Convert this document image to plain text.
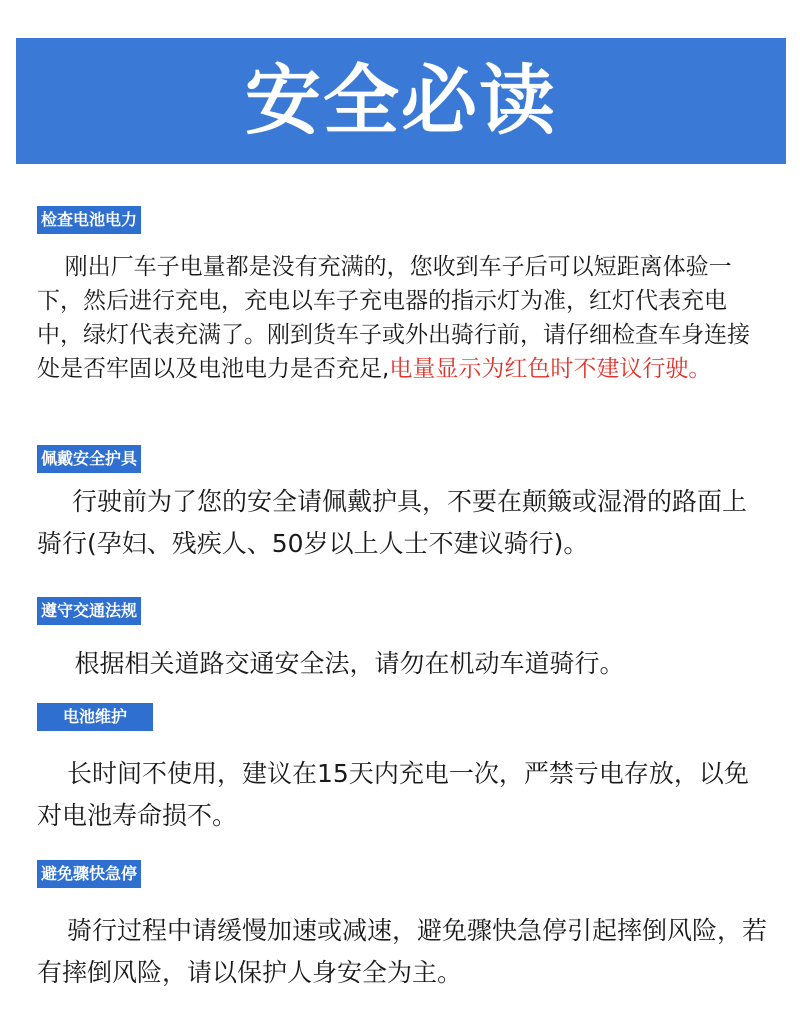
安全必读
检查电池电力

刚出厂车子电量都是没有充满的，您收到车子后可以短距离体验一下，然后进行充电，充电以车子充电器的指示灯为准，红灯代表充电中，绿灯代表充满了。刚到货车子或外出骑行前，请仔细检查车身连接处是否牢固以及电池电力是否充足,电量显示为红色时不建议行驶。

佩戴安全护具

行驶前为了您的安全请佩戴护具，不要在颠簸或湿滑的路面上骑行(孕妇、残疾人、50岁以上人士不建议骑行)。

遵守交通法规

根据相关道路交通安全法，请勿在机动车道骑行。

电池维护

长时间不使用，建议在15天内充电一次，严禁亏电存放，以免对电池寿命损不。

避免骤快急停

骑行过程中请缓慢加速或减速，避免骤快急停引起摔倒风险，若有摔倒风险，请以保护人身安全为主。
